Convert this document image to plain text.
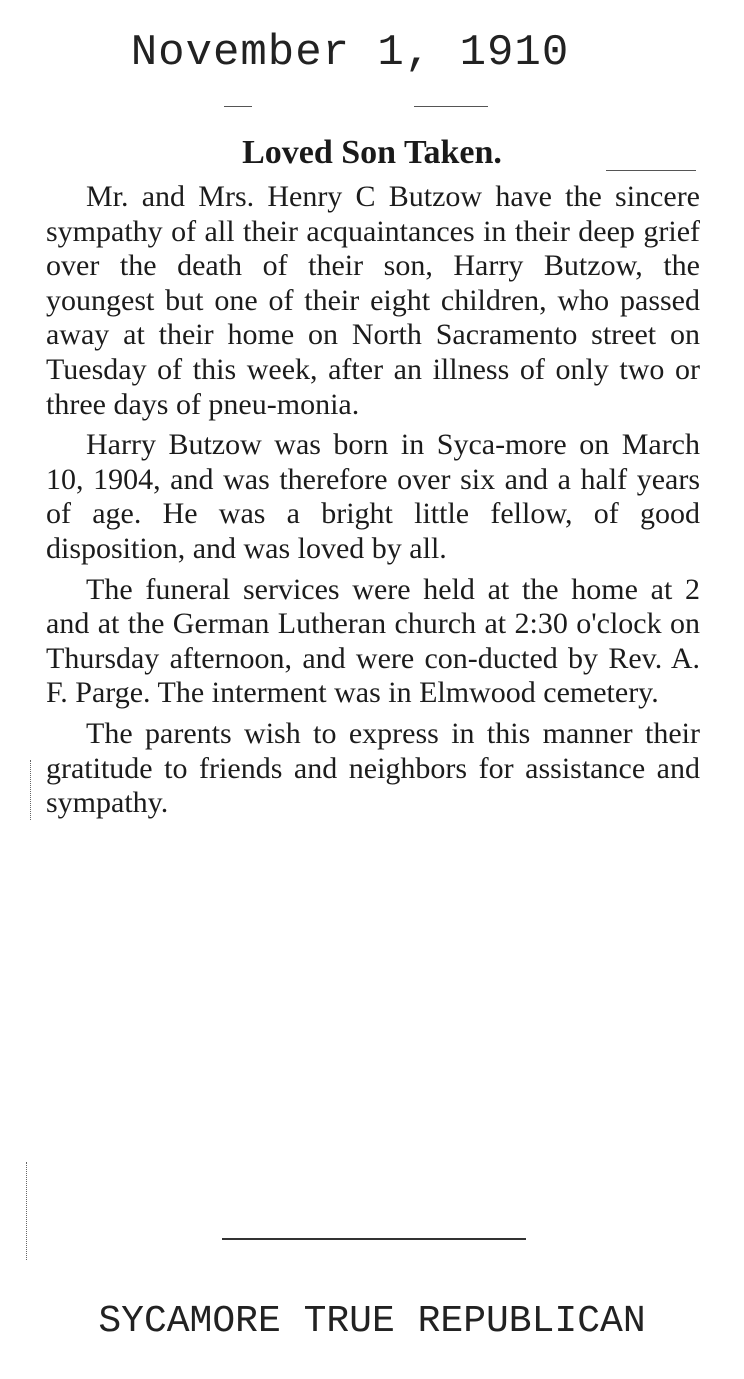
November 1, 1910
Loved Son Taken.

Mr. and Mrs. Henry C Butzow have the sincere sympathy of all their acquaintances in their deep grief over the death of their son, Harry Butzow, the youngest but one of their eight children, who passed away at their home on North Sacramento street on Tuesday of this week, after an illness of only two or three days of pneu-monia.

Harry Butzow was born in Syca-more on March 10, 1904, and was therefore over six and a half years of age. He was a bright little fellow, of good disposition, and was loved by all.

The funeral services were held at the home at 2 and at the German Lutheran church at 2:30 o'clock on Thursday afternoon, and were con-ducted by Rev. A. F. Parge. The interment was in Elmwood cemetery.

The parents wish to express in this manner their gratitude to friends and neighbors for assistance and sympathy.

SYCAMORE TRUE REPUBLICAN
